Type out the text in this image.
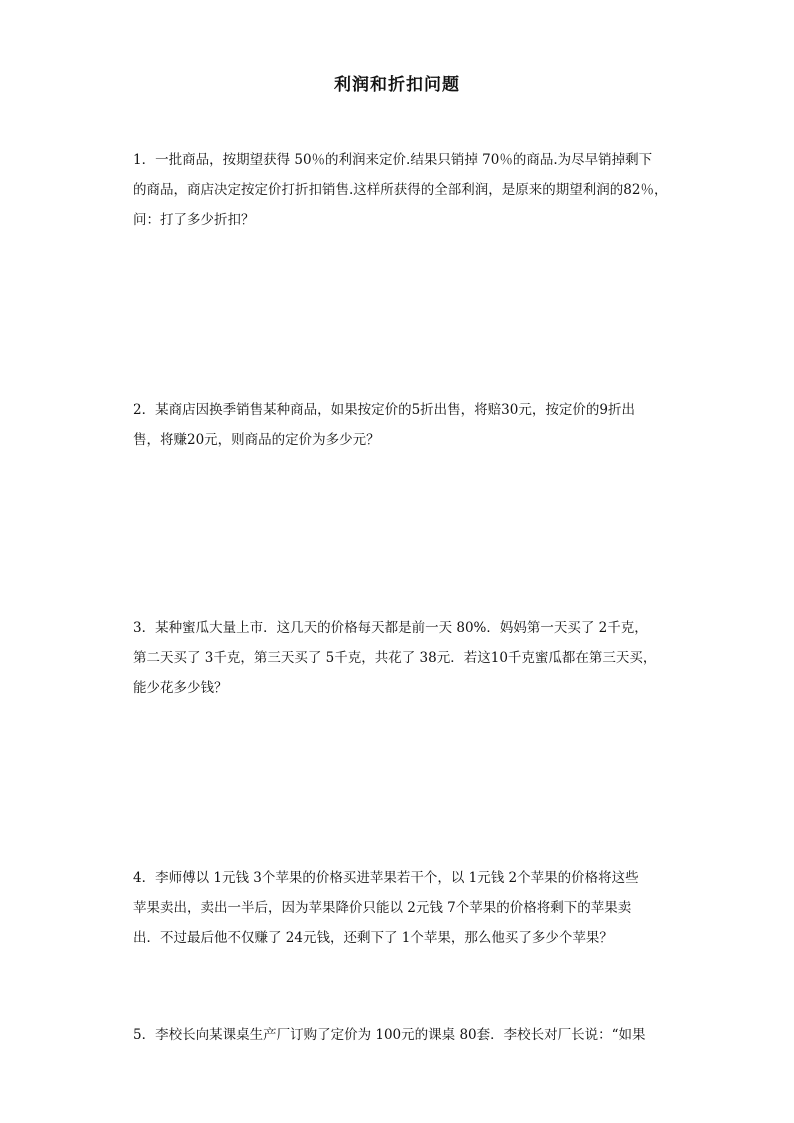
利润和折扣问题

1．一批商品，按期望获得 50％的利润来定价.结果只销掉 70％的商品.为尽早销掉剩下

的商品，商店决定按定价打折扣销售.这样所获得的全部利润，是原来的期望利润的82％，

问：打了多少折扣？

2．某商店因换季销售某种商品，如果按定价的5折出售，将赔30元，按定价的9折出

售，将赚20元，则商品的定价为多少元？

3．某种蜜瓜大量上市．这几天的价格每天都是前一天 80%．妈妈第一天买了 2千克，

第二天买了 3千克，第三天买了 5千克，共花了 38元．若这10千克蜜瓜都在第三天买，

能少花多少钱？

4．李师傅以 1元钱 3个苹果的价格买进苹果若干个，以 1元钱 2个苹果的价格将这些

苹果卖出，卖出一半后，因为苹果降价只能以 2元钱 7个苹果的价格将剩下的苹果卖

出．不过最后他不仅赚了 24元钱，还剩下了 1个苹果，那么他买了多少个苹果？

5．李校长向某课桌生产厂订购了定价为 100元的课桌 80套．李校长对厂长说：“如果
